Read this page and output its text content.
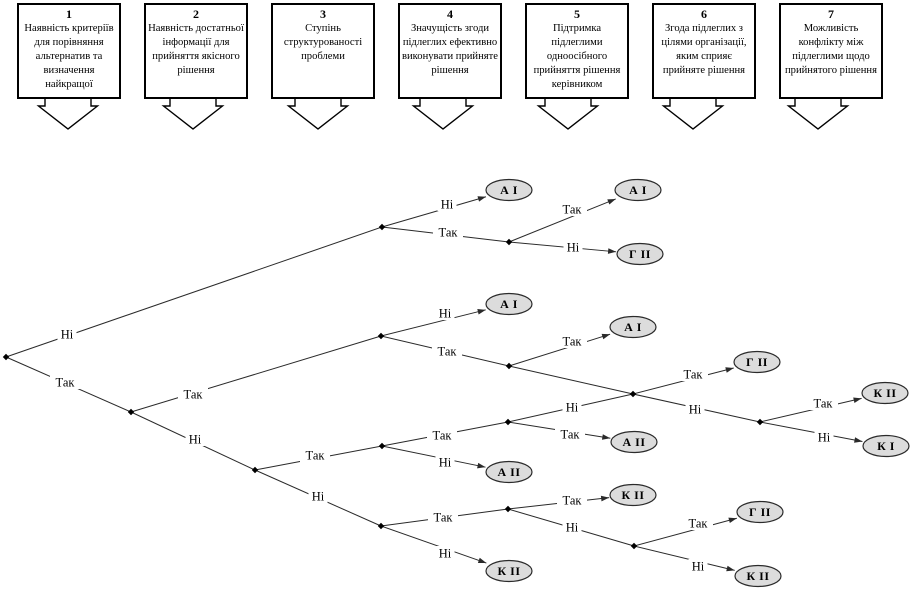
Ні
Так
Ні
Так
Так
Ні
Так
Ні
Ні
Так
Так
Ні
Так
Ні	Так
Ні
Так
Ні
Так
Ні
Так
Так
Ні
Так
Ні	Так
Ні
А I	А I
Г II
А I
А I
Г II
К II
К I
А II
А II
К II
Г II
К II	К II
1
Наявність критеріїв для порівняння альтернатив та визначення найкращої
2
Наявність достатньої інформації для прийняття якісного рішення
3
Ступінь структурованості проблеми
4
Значущість згоди підлеглих ефективно виконувати прийняте рішення
5
Підтримка підлеглими одноосібного прийняття рішення керівником
6
Згода підлеглих з цілями організації, яким сприяє прийняте рішення
7
Можливість конфлікту між підлеглими щодо прийнятого рішення
